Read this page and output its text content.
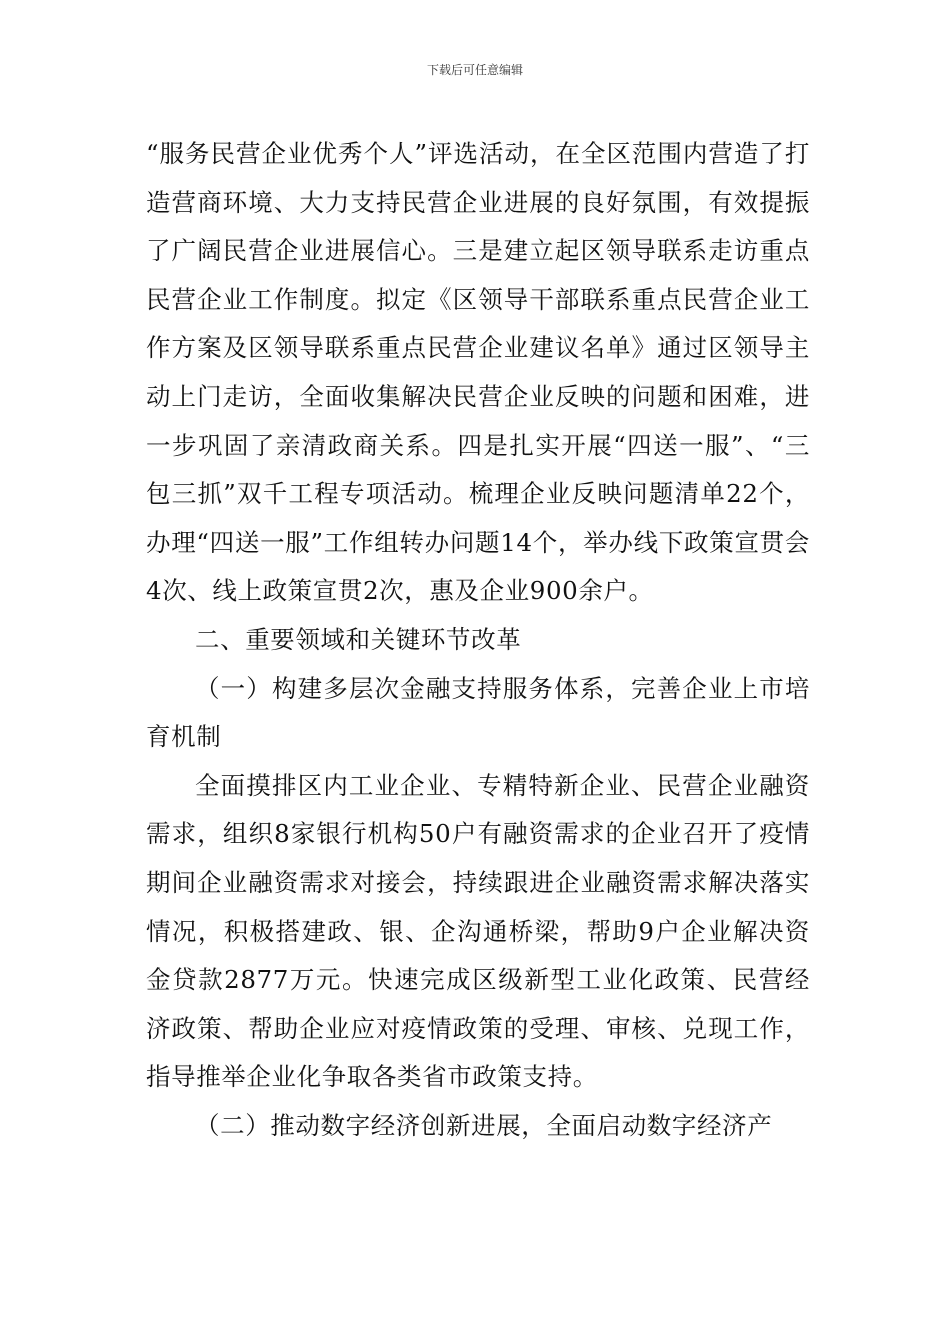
下载后可任意编辑

“服务民营企业优秀个人”评选活动，在全区范围内营造了打造营商环境、大力支持民营企业进展的良好氛围，有效提振了广阔民营企业进展信心。三是建立起区领导联系走访重点民营企业工作制度。拟定《区领导干部联系重点民营企业工作方案及区领导联系重点民营企业建议名单》通过区领导主动上门走访，全面收集解决民营企业反映的问题和困难，进一步巩固了亲清政商关系。四是扎实开展“四送一服”、“三包三抓”双千工程专项活动。梳理企业反映问题清单22个，办理“四送一服”工作组转办问题14个，举办线下政策宣贯会4次、线上政策宣贯2次，惠及企业900余户。

二、重要领域和关键环节改革

（一）构建多层次金融支持服务体系，完善企业上市培育机制

全面摸排区内工业企业、专精特新企业、民营企业融资需求，组织8家银行机构50户有融资需求的企业召开了疫情期间企业融资需求对接会，持续跟进企业融资需求解决落实情况，积极搭建政、银、企沟通桥梁，帮助9户企业解决资金贷款2877万元。快速完成区级新型工业化政策、民营经济政策、帮助企业应对疫情政策的受理、审核、兑现工作，指导推举企业化争取各类省市政策支持。

（二）推动数字经济创新进展，全面启动数字经济产
